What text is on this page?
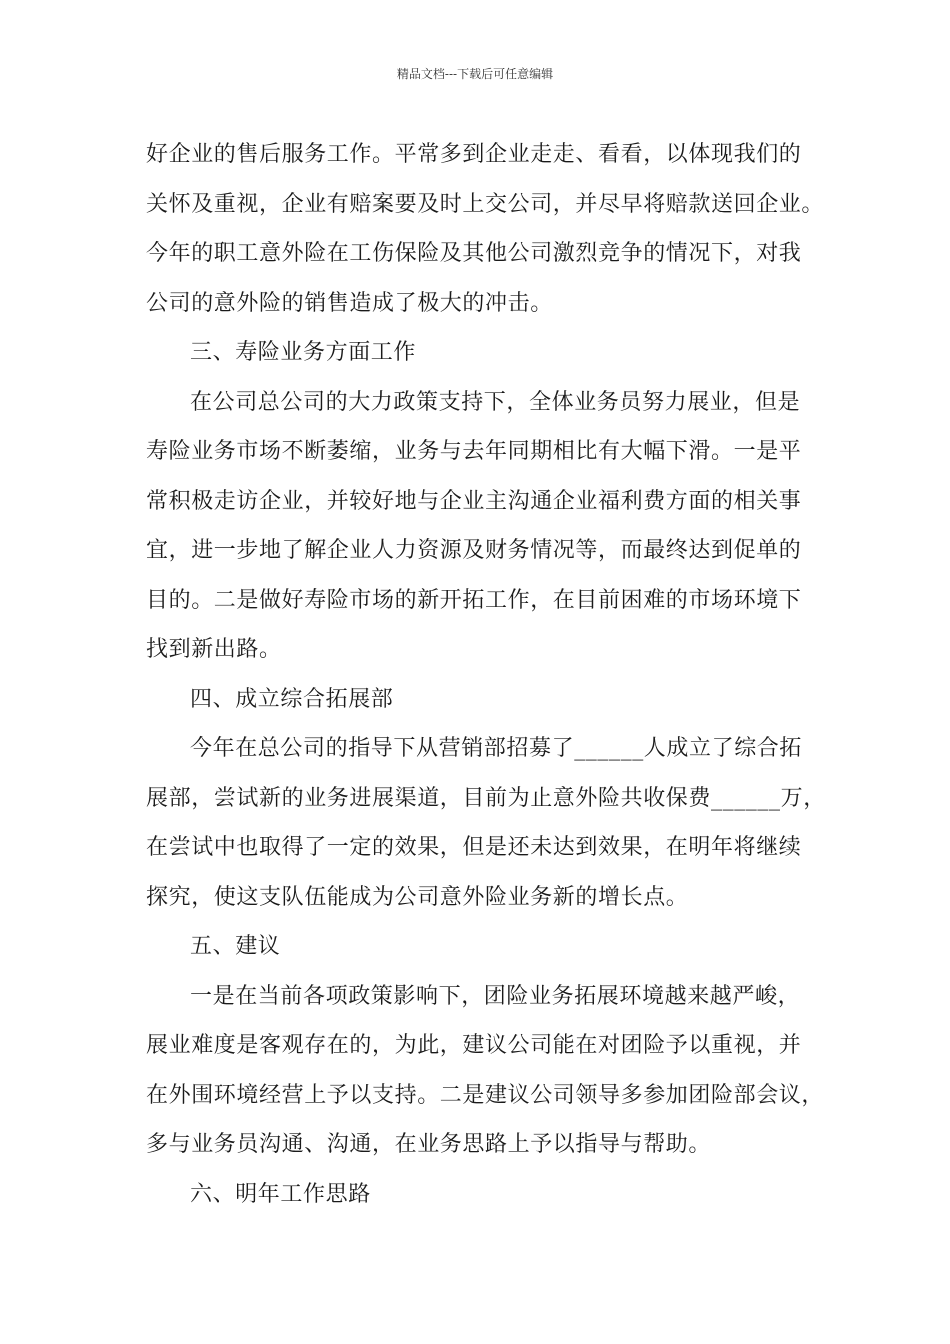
精品文档---下载后可任意编辑
好企业的售后服务工作。平常多到企业走走、看看，以体现我们的
关怀及重视，企业有赔案要及时上交公司，并尽早将赔款送回企业。
今年的职工意外险在工伤保险及其他公司激烈竞争的情况下，对我
公司的意外险的销售造成了极大的冲击。
三、寿险业务方面工作
在公司总公司的大力政策支持下，全体业务员努力展业，但是
寿险业务市场不断萎缩，业务与去年同期相比有大幅下滑。一是平
常积极走访企业，并较好地与企业主沟通企业福利费方面的相关事
宜，进一步地了解企业人力资源及财务情况等，而最终达到促单的
目的。二是做好寿险市场的新开拓工作，在目前困难的市场环境下
找到新出路。
四、成立综合拓展部
今年在总公司的指导下从营销部招募了______人成立了综合拓
展部，尝试新的业务进展渠道，目前为止意外险共收保费______万，
在尝试中也取得了一定的效果，但是还未达到效果，在明年将继续
探究，使这支队伍能成为公司意外险业务新的增长点。
五、建议
一是在当前各项政策影响下，团险业务拓展环境越来越严峻，
展业难度是客观存在的，为此，建议公司能在对团险予以重视，并
在外围环境经营上予以支持。二是建议公司领导多参加团险部会议，
多与业务员沟通、沟通，在业务思路上予以指导与帮助。
六、明年工作思路
